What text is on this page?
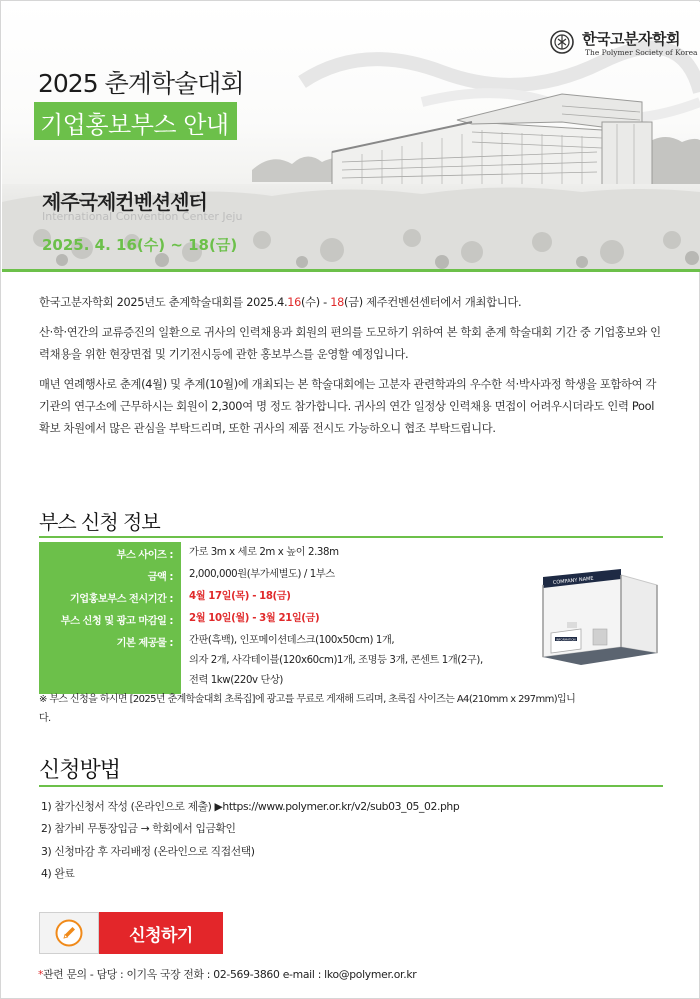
한국고분자학회
The Polymer Society of Korea
2025 춘계학술대회
기업홍보부스 안내
제주국제컨벤션센터
International Convention Center Jeju
2025. 4. 16(수) ~ 18(금)

한국고분자학회 2025년도 춘계학술대회를 2025.4.16(수) - 18(금) 제주컨벤션센터에서 개최합니다.

산·학·연간의 교류증진의 일환으로 귀사의 인력채용과 회원의 편의를 도모하기 위하여 본 학회 춘계 학술대회 기간 중 기업홍보와 인력채용을 위한 현장면접 및 기기전시등에 관한 홍보부스를 운영할 예정입니다.

매년 연례행사로 춘계(4월) 및 추계(10월)에 개최되는 본 학술대회에는 고분자 관련학과의 우수한 석·박사과정 학생을 포함하여 각 기관의 연구소에 근무하시는 회원이 2,300여 명 정도 참가합니다. 귀사의 연간 일정상 인력채용 면접이 어려우시더라도 인력 Pool 확보 차원에서 많은 관심을 부탁드리며, 또한 귀사의 제품 전시도 가능하오니 협조 부탁드립니다.

부스 신청 정보
부스 사이즈 :	가로 3m x 세로 2m x 높이 2.38m
금액 :	2,000,000원(부가세별도) / 1부스
기업홍보부스 전시기간 :	4월 17일(목) - 18(금)
부스 신청 및 광고 마감일 :	2월 10일(월) - 3월 21일(금)
기본 제공물 :	간판(흑백), 인포메이션데스크(100x50cm) 1개,
의자 2개, 사각테이블(120x60cm)1개, 조명등 3개, 콘센트 1개(2구),
전력 1kw(220v 단상)
COMPANY NAME
INFORMATION
※ 부스 신청을 하시면 [2025년 춘계학술대회 초록집]에 광고를 무료로 게재해 드리며, 초록집 사이즈는 A4(210mm x 297mm)입니다.
신청방법
1) 참가신청서 작성 (온라인으로 제출) ▶https://www.polymer.or.kr/v2/sub03_05_02.php
2) 참가비 무통장입금 → 학회에서 입금확인
3) 신청마감 후 자리배정 (온라인으로 직접선택)
4) 완료
신청하기
*관련 문의 - 담당 : 이기옥 국장 전화 : 02-569-3860 e-mail : lko@polymer.or.kr
